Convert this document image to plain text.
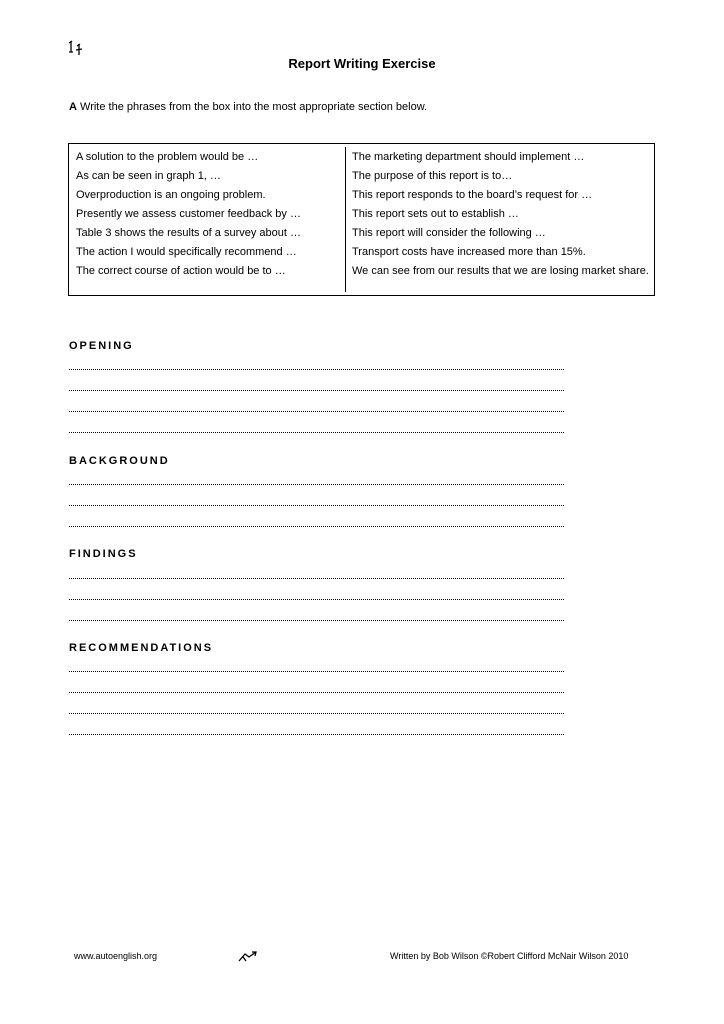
Report Writing Exercise
A Write the phrases from the box into the most appropriate section below.
A solution to the problem would be …
As can be seen in graph 1, …
Overproduction is an ongoing problem.
Presently we assess customer feedback by …
Table 3 shows the results of a survey about …
The action I would specifically recommend …
The correct course of action would be to …
The marketing department should implement …
The purpose of this report is to…
This report responds to the board’s request for …
This report sets out to establish …
This report will consider the following …
Transport costs have increased more than 15%.
We can see from our results that we are losing market share.
OPENING
BACKGROUND
FINDINGS
RECOMMENDATIONS
www.autoenglish.org	Written by Bob Wilson ©Robert Clifford McNair Wilson 2010
